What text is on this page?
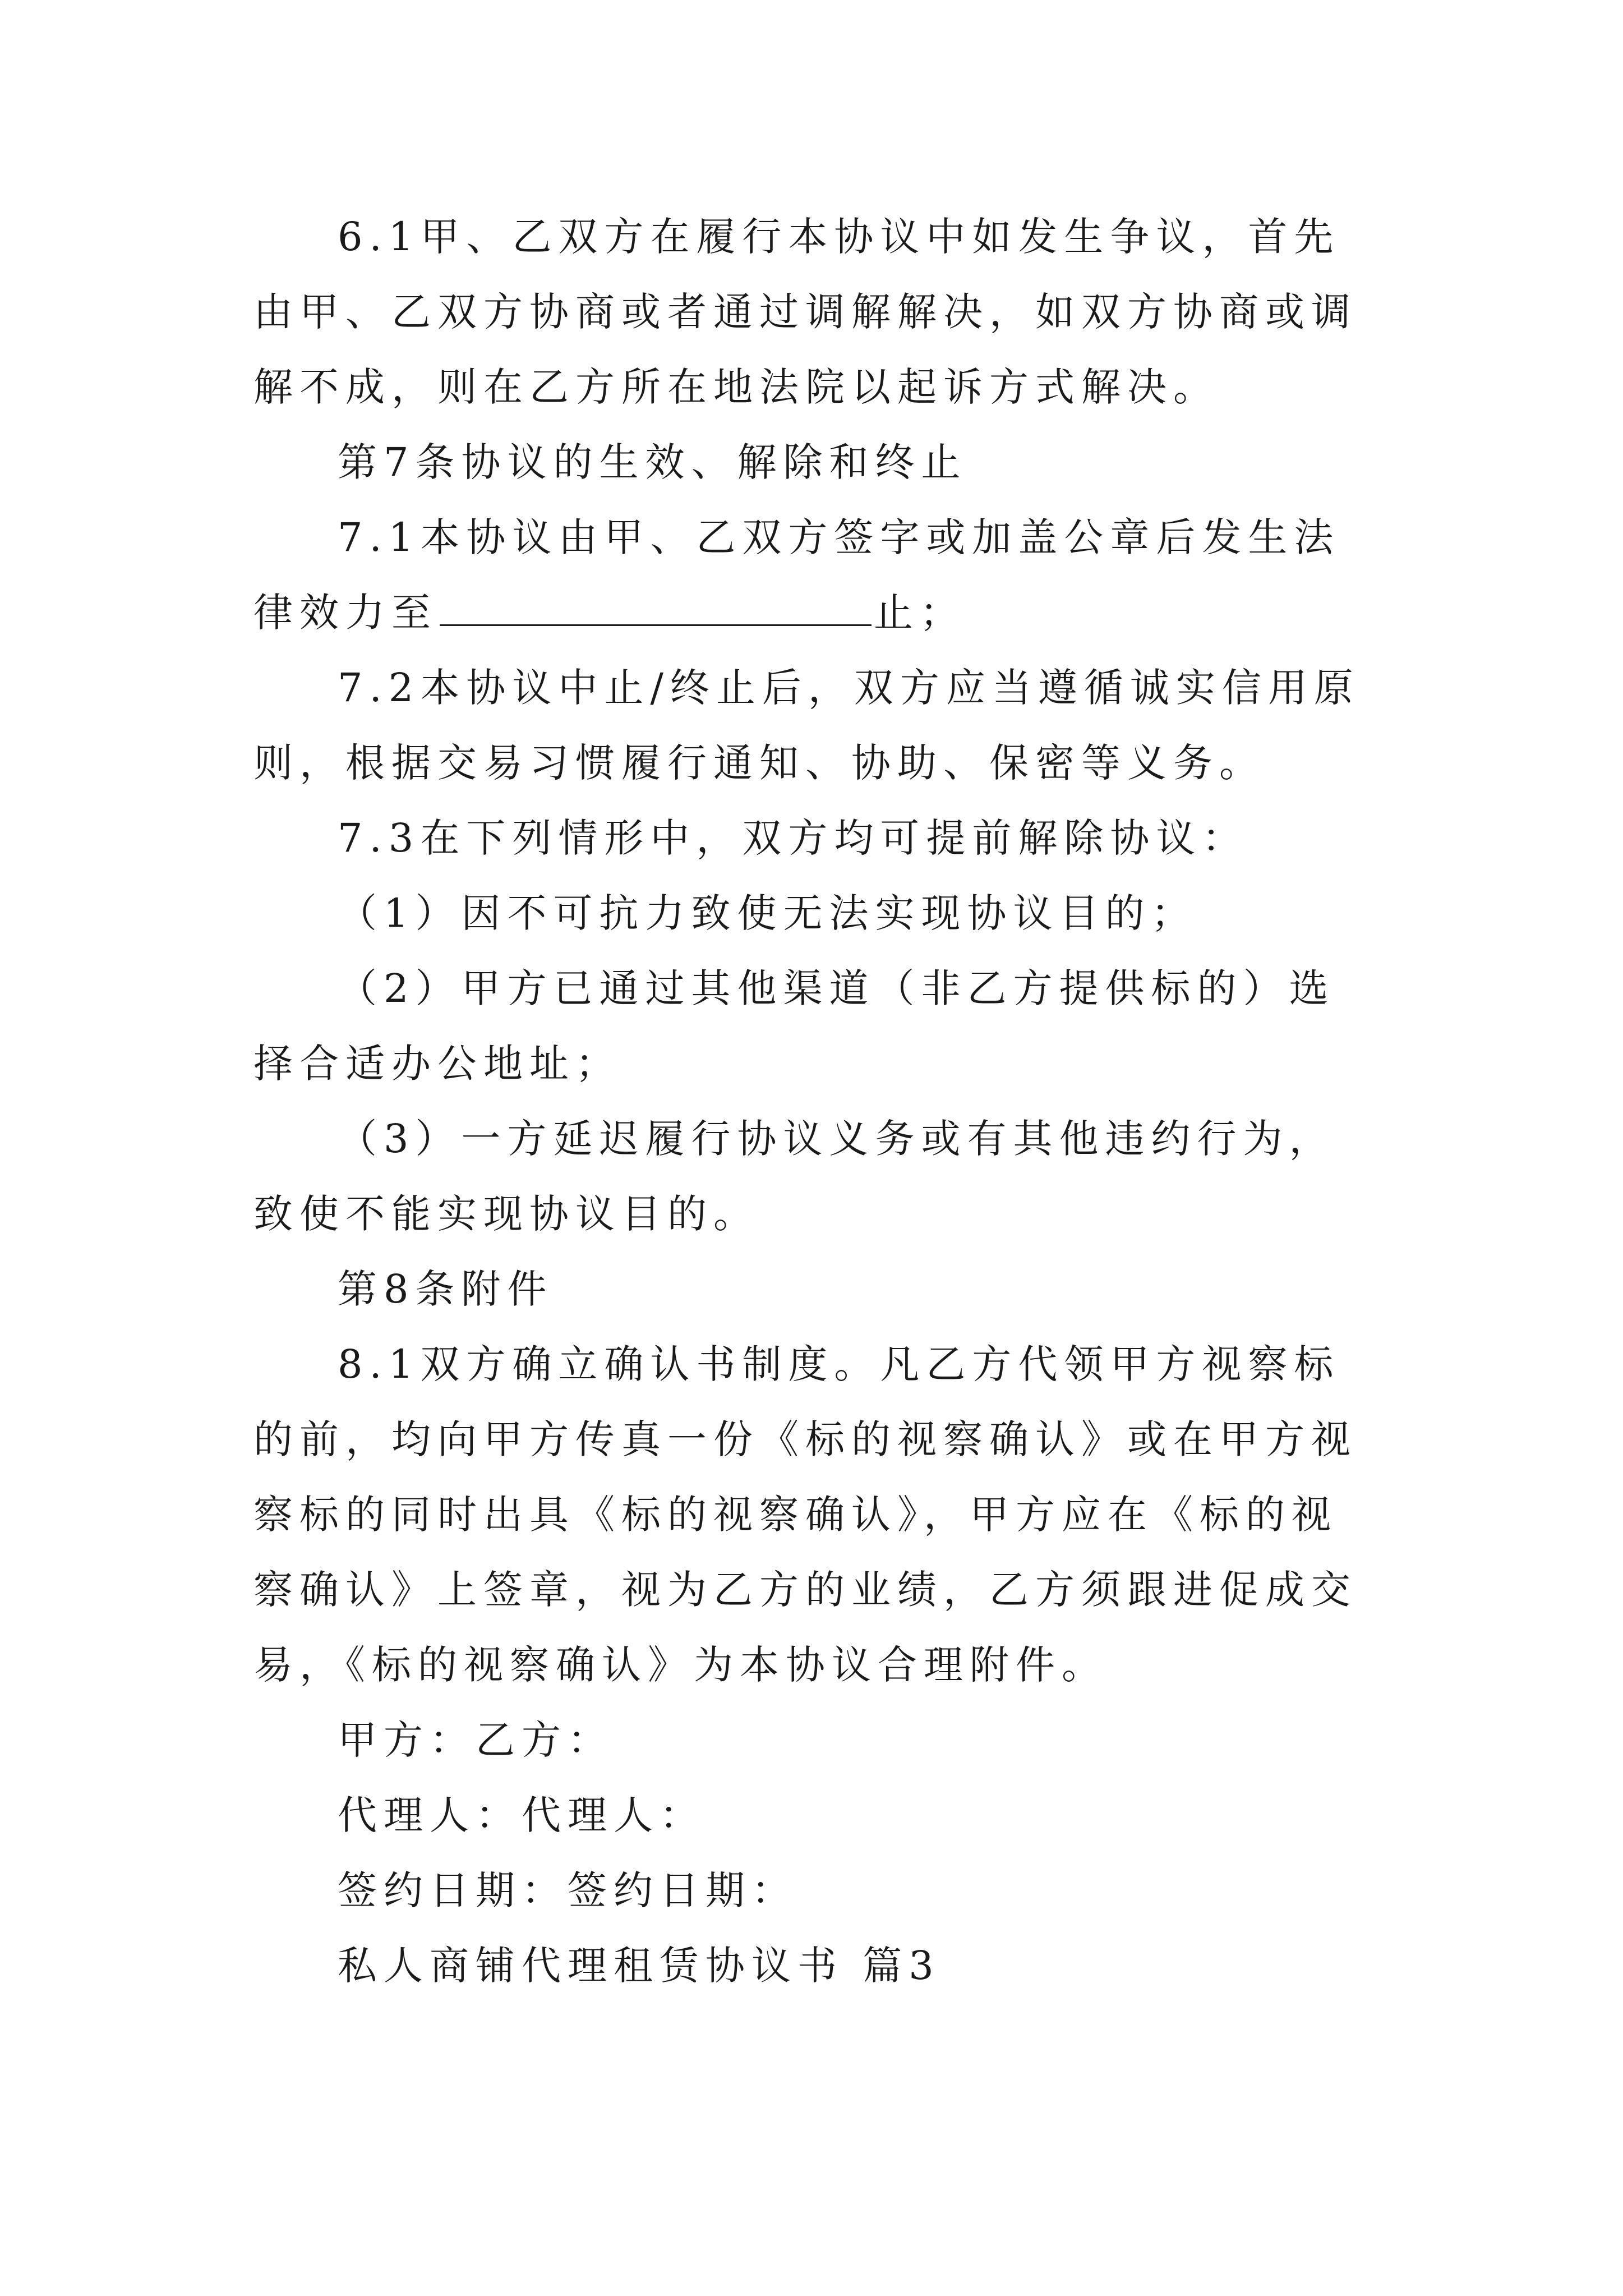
6.1甲、乙双方在履行本协议中如发生争议，首先由甲、乙双方协商或者通过调解解决，如双方协商或调解不成，则在乙方所在地法院以起诉方式解决。

第7条协议的生效、解除和终止

7.1本协议由甲、乙双方签字或加盖公章后发生法律效力至	止；

7.2本协议中止/终止后，双方应当遵循诚实信用原则，根据交易习惯履行通知、协助、保密等义务。

7.3在下列情形中，双方均可提前解除协议：

（1）因不可抗力致使无法实现协议目的；

（2）甲方已通过其他渠道（非乙方提供标的）选择合适办公地址；

（3）一方延迟履行协议义务或有其他违约行为，致使不能实现协议目的。

第8条附件

8.1双方确立确认书制度。凡乙方代领甲方视察标的前，均向甲方传真一份《标的视察确认》或在甲方视察标的同时出具《标的视察确认》，甲方应在《标的视察确认》上签章，视为乙方的业绩，乙方须跟进促成交易，《标的视察确认》为本协议合理附件。

甲方：乙方：

代理人：代理人：

签约日期：签约日期：

私人商铺代理租赁协议书 篇3
